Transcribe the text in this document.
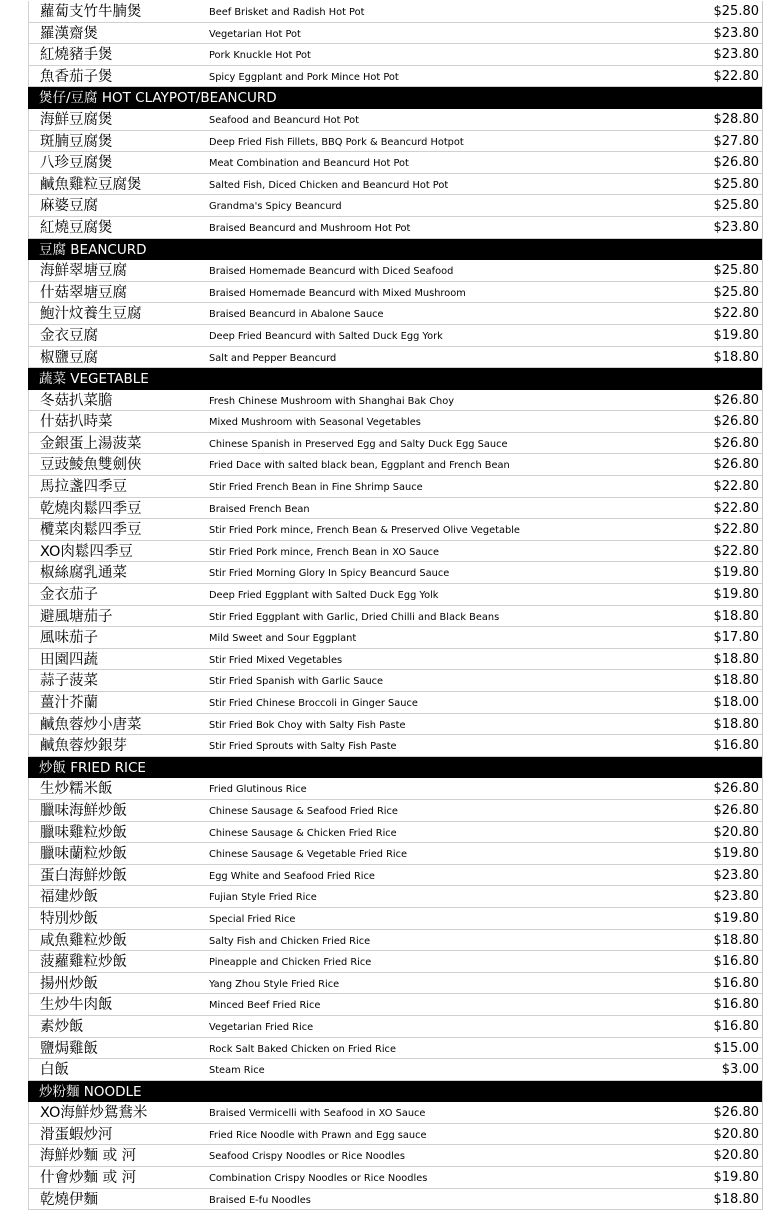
蘿蔔支竹牛腩煲	Beef Brisket and Radish Hot Pot	$25.80
羅漢齋煲	Vegetarian Hot Pot	$23.80
紅燒豬手煲	Pork Knuckle Hot Pot	$23.80
魚香茄子煲	Spicy Eggplant and Pork Mince Hot Pot	$22.80
煲仔/豆腐 HOT CLAYPOT/BEANCURD
海鮮豆腐煲	Seafood and Beancurd Hot Pot	$28.80
斑腩豆腐煲	Deep Fried Fish Fillets, BBQ Pork & Beancurd Hotpot	$27.80
八珍豆腐煲	Meat Combination and Beancurd Hot Pot	$26.80
鹹魚雞粒豆腐煲	Salted Fish, Diced Chicken and Beancurd Hot Pot	$25.80
麻婆豆腐	Grandma's Spicy Beancurd	$25.80
紅燒豆腐煲	Braised Beancurd and Mushroom Hot Pot	$23.80
豆腐 BEANCURD
海鮮翠塘豆腐	Braised Homemade Beancurd with Diced Seafood	$25.80
什菇翠塘豆腐	Braised Homemade Beancurd with Mixed Mushroom	$25.80
鮑汁炆養生豆腐	Braised Beancurd in Abalone Sauce	$22.80
金衣豆腐	Deep Fried Beancurd with Salted Duck Egg York	$19.80
椒鹽豆腐	Salt and Pepper Beancurd	$18.80
蔬菜 VEGETABLE
冬菇扒菜膽	Fresh Chinese Mushroom with Shanghai Bak Choy	$26.80
什菇扒時菜	Mixed Mushroom with Seasonal Vegetables	$26.80
金銀蛋上湯菠菜	Chinese Spanish in Preserved Egg and Salty Duck Egg Sauce	$26.80
豆豉鯪魚雙劍俠	Fried Dace with salted black bean, Eggplant and French Bean	$26.80
馬拉盞四季豆	Stir Fried French Bean in Fine Shrimp Sauce	$22.80
乾燒肉鬆四季豆	Braised French Bean	$22.80
欖菜肉鬆四季豆	Stir Fried Pork mince, French Bean & Preserved Olive Vegetable	$22.80
XO肉鬆四季豆	Stir Fried Pork mince, French Bean in XO Sauce	$22.80
椒絲腐乳通菜	Stir Fried Morning Glory In Spicy Beancurd Sauce	$19.80
金衣茄子	Deep Fried Eggplant with Salted Duck Egg Yolk	$19.80
避風塘茄子	Stir Fried Eggplant with Garlic, Dried Chilli and Black Beans	$18.80
風味茄子	Mild Sweet and Sour Eggplant	$17.80
田園四蔬	Stir Fried Mixed Vegetables	$18.80
蒜子菠菜	Stir Fried Spanish with Garlic Sauce	$18.80
薑汁芥蘭	Stir Fried Chinese Broccoli in Ginger Sauce	$18.00
鹹魚蓉炒小唐菜	Stir Fried Bok Choy with Salty Fish Paste	$18.80
鹹魚蓉炒銀芽	Stir Fried Sprouts with Salty Fish Paste	$16.80
炒飯 FRIED RICE
生炒糯米飯	Fried Glutinous Rice	$26.80
臘味海鮮炒飯	Chinese Sausage & Seafood Fried Rice	$26.80
臘味雞粒炒飯	Chinese Sausage & Chicken Fried Rice	$20.80
臘味蘭粒炒飯	Chinese Sausage & Vegetable Fried Rice	$19.80
蛋白海鮮炒飯	Egg White and Seafood Fried Rice	$23.80
福建炒飯	Fujian Style Fried Rice	$23.80
特別炒飯	Special Fried Rice	$19.80
咸魚雞粒炒飯	Salty Fish and Chicken Fried Rice	$18.80
菠蘿雞粒炒飯	Pineapple and Chicken Fried Rice	$16.80
揚州炒飯	Yang Zhou Style Fried Rice	$16.80
生炒牛肉飯	Minced Beef Fried Rice	$16.80
素炒飯	Vegetarian Fried Rice	$16.80
鹽焗雞飯	Rock Salt Baked Chicken on Fried Rice	$15.00
白飯	Steam Rice	$3.00
炒粉麵 NOODLE
XO海鮮炒鴛鴦米	Braised Vermicelli with Seafood in XO Sauce	$26.80
滑蛋蝦炒河	Fried Rice Noodle with Prawn and Egg sauce	$20.80
海鮮炒麵 或 河	Seafood Crispy Noodles or Rice Noodles	$20.80
什會炒麵 或 河	Combination Crispy Noodles or Rice Noodles	$19.80
乾燒伊麵	Braised E-fu Noodles	$18.80
